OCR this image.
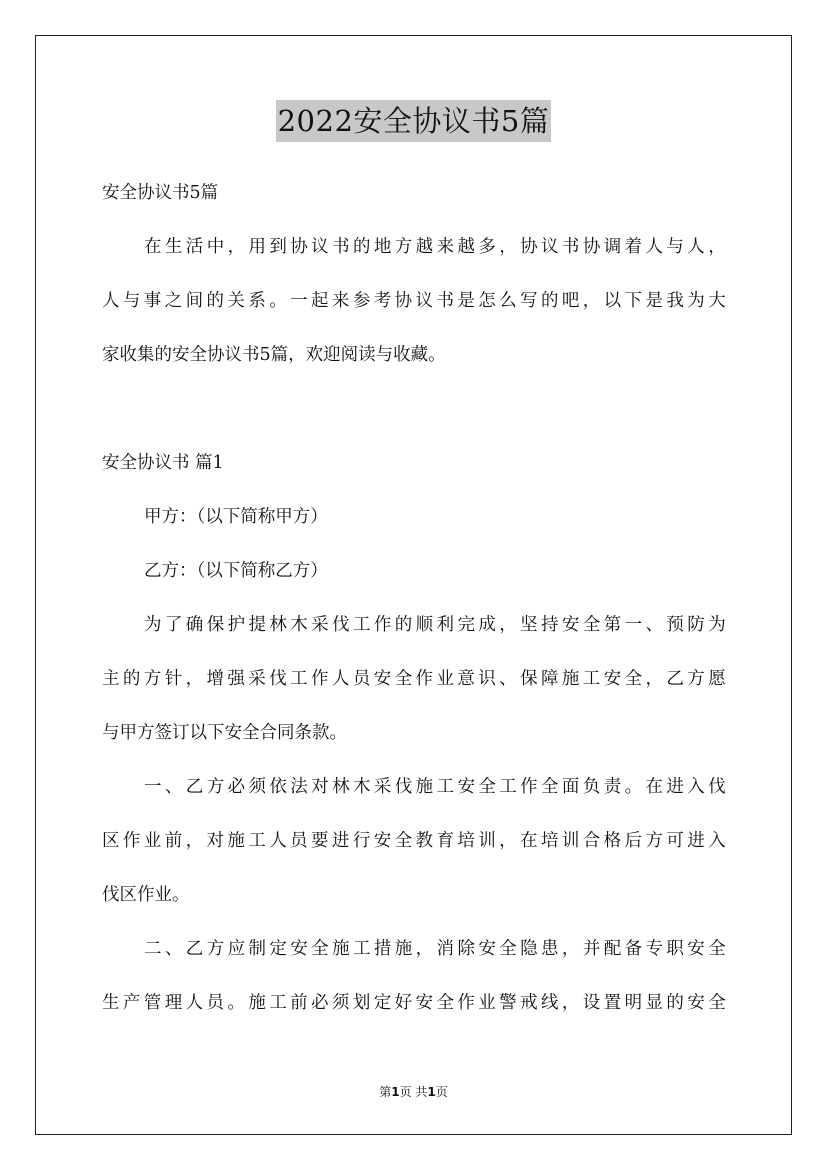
2022安全协议书5篇
安全协议书5篇
在生活中，用到协议书的地方越来越多，协议书协调着人与人，
人与事之间的关系。一起来参考协议书是怎么写的吧，以下是我为大
家收集的安全协议书5篇，欢迎阅读与收藏。
安全协议书 篇1
甲方：（以下简称甲方）
乙方：（以下简称乙方）
为了确保护提林木采伐工作的顺利完成，坚持安全第一、预防为
主的方针，增强采伐工作人员安全作业意识、保障施工安全，乙方愿
与甲方签订以下安全合同条款。
一、乙方必须依法对林木采伐施工安全工作全面负责。在进入伐
区作业前，对施工人员要进行安全教育培训，在培训合格后方可进入
伐区作业。
二、乙方应制定安全施工措施，消除安全隐患，并配备专职安全
生产管理人员。施工前必须划定好安全作业警戒线，设置明显的安全
第1页 共1页
